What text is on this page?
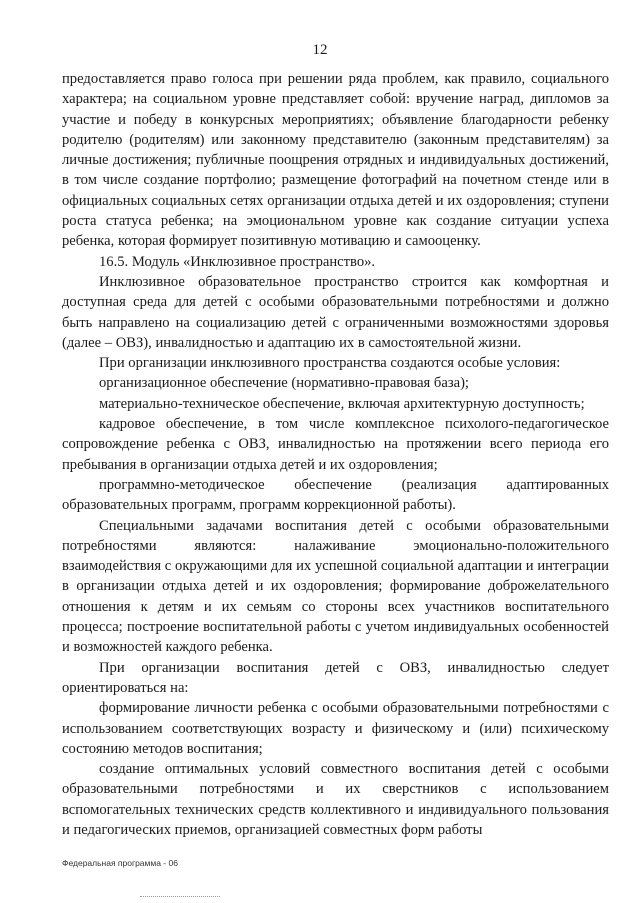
12

предоставляется право голоса при решении ряда проблем, как правило, социального характера; на социальном уровне представляет собой: вручение наград, дипломов за участие и победу в конкурсных мероприятиях; объявление благодарности ребенку родителю (родителям) или законному представителю (законным представителям) за личные достижения; публичные поощрения отрядных и индивидуальных достижений, в том числе создание портфолио; размещение фотографий на почетном стенде или в официальных социальных сетях организации отдыха детей и их оздоровления; ступени роста статуса ребенка; на эмоциональном уровне как создание ситуации успеха ребенка, которая формирует позитивную мотивацию и самооценку.

16.5. Модуль «Инклюзивное пространство».

Инклюзивное образовательное пространство строится как комфортная и доступная среда для детей с особыми образовательными потребностями и должно быть направлено на социализацию детей с ограниченными возможностями здоровья (далее – ОВЗ), инвалидностью и адаптацию их в самостоятельной жизни.

При организации инклюзивного пространства создаются особые условия:

организационное обеспечение (нормативно-правовая база);

материально-техническое обеспечение, включая архитектурную доступность;

кадровое обеспечение, в том числе комплексное психолого-педагогическое сопровождение ребенка с ОВЗ, инвалидностью на протяжении всего периода его пребывания в организации отдыха детей и их оздоровления;

программно-методическое обеспечение (реализация адаптированных образовательных программ, программ коррекционной работы).

Специальными задачами воспитания детей с особыми образовательными потребностями являются: налаживание эмоционально-положительного взаимодействия с окружающими для их успешной социальной адаптации и интеграции в организации отдыха детей и их оздоровления; формирование доброжелательного отношения к детям и их семьям со стороны всех участников воспитательного процесса; построение воспитательной работы с учетом индивидуальных особенностей и возможностей каждого ребенка.

При организации воспитания детей с ОВЗ, инвалидностью следует ориентироваться на:

формирование личности ребенка с особыми образовательными потребностями с использованием соответствующих возрасту и физическому и (или) психическому состоянию методов воспитания;

создание оптимальных условий совместного воспитания детей с особыми образовательными потребностями и их сверстников с использованием вспомогательных технических средств коллективного и индивидуального пользования и педагогических приемов, организацией совместных форм работы

Федеральная программа - 06
